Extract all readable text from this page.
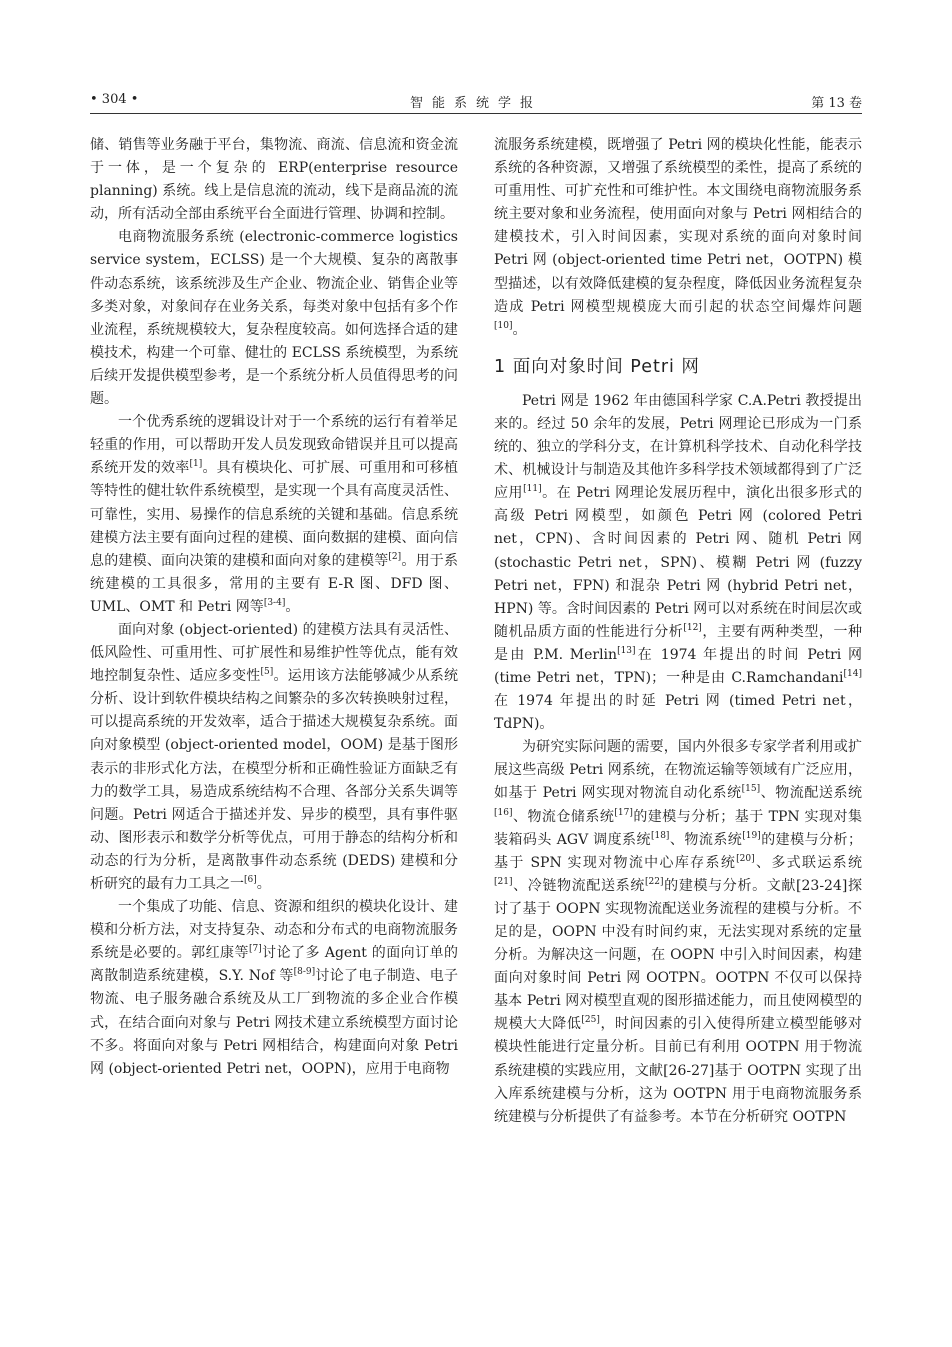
• 304 •	智能系统学报	第 13 卷

储、销售等业务融于平台，集物流、商流、信息流和资金流于一体，是一个复杂的 ERP(enterprise resource planning) 系统。线上是信息流的流动，线下是商品流的流动，所有活动全部由系统平台全面进行管理、协调和控制。

电商物流服务系统 (electronic-commerce logistics service system，ECLSS) 是一个大规模、复杂的离散事件动态系统，该系统涉及生产企业、物流企业、销售企业等多类对象，对象间存在业务关系，每类对象中包括有多个作业流程，系统规模较大，复杂程度较高。如何选择合适的建模技术，构建一个可靠、健壮的 ECLSS 系统模型，为系统后续开发提供模型参考，是一个系统分析人员值得思考的问题。

一个优秀系统的逻辑设计对于一个系统的运行有着举足轻重的作用，可以帮助开发人员发现致命错误并且可以提高系统开发的效率[1]。具有模块化、可扩展、可重用和可移植等特性的健壮软件系统模型，是实现一个具有高度灵活性、可靠性，实用、易操作的信息系统的关键和基础。信息系统建模方法主要有面向过程的建模、面向数据的建模、面向信息的建模、面向决策的建模和面向对象的建模等[2]。用于系统建模的工具很多，常用的主要有 E-R 图、DFD 图、UML、OMT 和 Petri 网等[3-4]。

面向对象 (object-oriented) 的建模方法具有灵活性、低风险性、可重用性、可扩展性和易维护性等优点，能有效地控制复杂性、适应多变性[5]。运用该方法能够减少从系统分析、设计到软件模块结构之间繁杂的多次转换映射过程，可以提高系统的开发效率，适合于描述大规模复杂系统。面向对象模型 (object-oriented model，OOM) 是基于图形表示的非形式化方法，在模型分析和正确性验证方面缺乏有力的数学工具，易造成系统结构不合理、各部分关系失调等问题。Petri 网适合于描述并发、异步的模型，具有事件驱动、图形表示和数学分析等优点，可用于静态的结构分析和动态的行为分析，是离散事件动态系统 (DEDS) 建模和分析研究的最有力工具之一[6]。

一个集成了功能、信息、资源和组织的模块化设计、建模和分析方法，对支持复杂、动态和分布式的电商物流服务系统是必要的。郭红康等[7]讨论了多 Agent 的面向订单的离散制造系统建模，S.Y. Nof 等[8-9]讨论了电子制造、电子物流、电子服务融合系统及从工厂到物流的多企业合作模式，在结合面向对象与 Petri 网技术建立系统模型方面讨论不多。将面向对象与 Petri 网相结合，构建面向对象 Petri 网 (object-oriented Petri net，OOPN)，应用于电商物

流服务系统建模，既增强了 Petri 网的模块化性能，能表示系统的各种资源，又增强了系统模型的柔性，提高了系统的可重用性、可扩充性和可维护性。本文围绕电商物流服务系统主要对象和业务流程，使用面向对象与 Petri 网相结合的建模技术，引入时间因素，实现对系统的面向对象时间 Petri 网 (object-oriented time Petri net，OOTPN) 模型描述，以有效降低建模的复杂程度，降低因业务流程复杂造成 Petri 网模型规模庞大而引起的状态空间爆炸问题[10]。

1 面向对象时间 Petri 网

Petri 网是 1962 年由德国科学家 C.A.Petri 教授提出来的。经过 50 余年的发展，Petri 网理论已形成为一门系统的、独立的学科分支，在计算机科学技术、自动化科学技术、机械设计与制造及其他许多科学技术领域都得到了广泛应用[11]。在 Petri 网理论发展历程中，演化出很多形式的高级 Petri 网模型，如颜色 Petri 网 (colored Petri net，CPN)、含时间因素的 Petri 网、随机 Petri 网 (stochastic Petri net，SPN)、模糊 Petri 网 (fuzzy Petri net，FPN) 和混杂 Petri 网 (hybrid Petri net，HPN) 等。含时间因素的 Petri 网可以对系统在时间层次或随机品质方面的性能进行分析[12]，主要有两种类型，一种是由 P.M. Merlin[13]在 1974 年提出的时间 Petri 网 (time Petri net，TPN)；一种是由 C.Ramchandani[14]在 1974 年提出的时延 Petri 网 (timed Petri net，TdPN)。

为研究实际问题的需要，国内外很多专家学者利用或扩展这些高级 Petri 网系统，在物流运输等领域有广泛应用，如基于 Petri 网实现对物流自动化系统[15]、物流配送系统[16]、物流仓储系统[17]的建模与分析；基于 TPN 实现对集装箱码头 AGV 调度系统[18]、物流系统[19]的建模与分析；基于 SPN 实现对物流中心库存系统[20]、多式联运系统[21]、冷链物流配送系统[22]的建模与分析。文献[23-24]探讨了基于 OOPN 实现物流配送业务流程的建模与分析。不足的是，OOPN 中没有时间约束，无法实现对系统的定量分析。为解决这一问题，在 OOPN 中引入时间因素，构建面向对象时间 Petri 网 OOTPN。OOTPN 不仅可以保持基本 Petri 网对模型直观的图形描述能力，而且使网模型的规模大大降低[25]，时间因素的引入使得所建立模型能够对模块性能进行定量分析。目前已有利用 OOTPN 用于物流系统建模的实践应用，文献[26-27]基于 OOTPN 实现了出入库系统建模与分析，这为 OOTPN 用于电商物流服务系统建模与分析提供了有益参考。本节在分析研究 OOTPN
